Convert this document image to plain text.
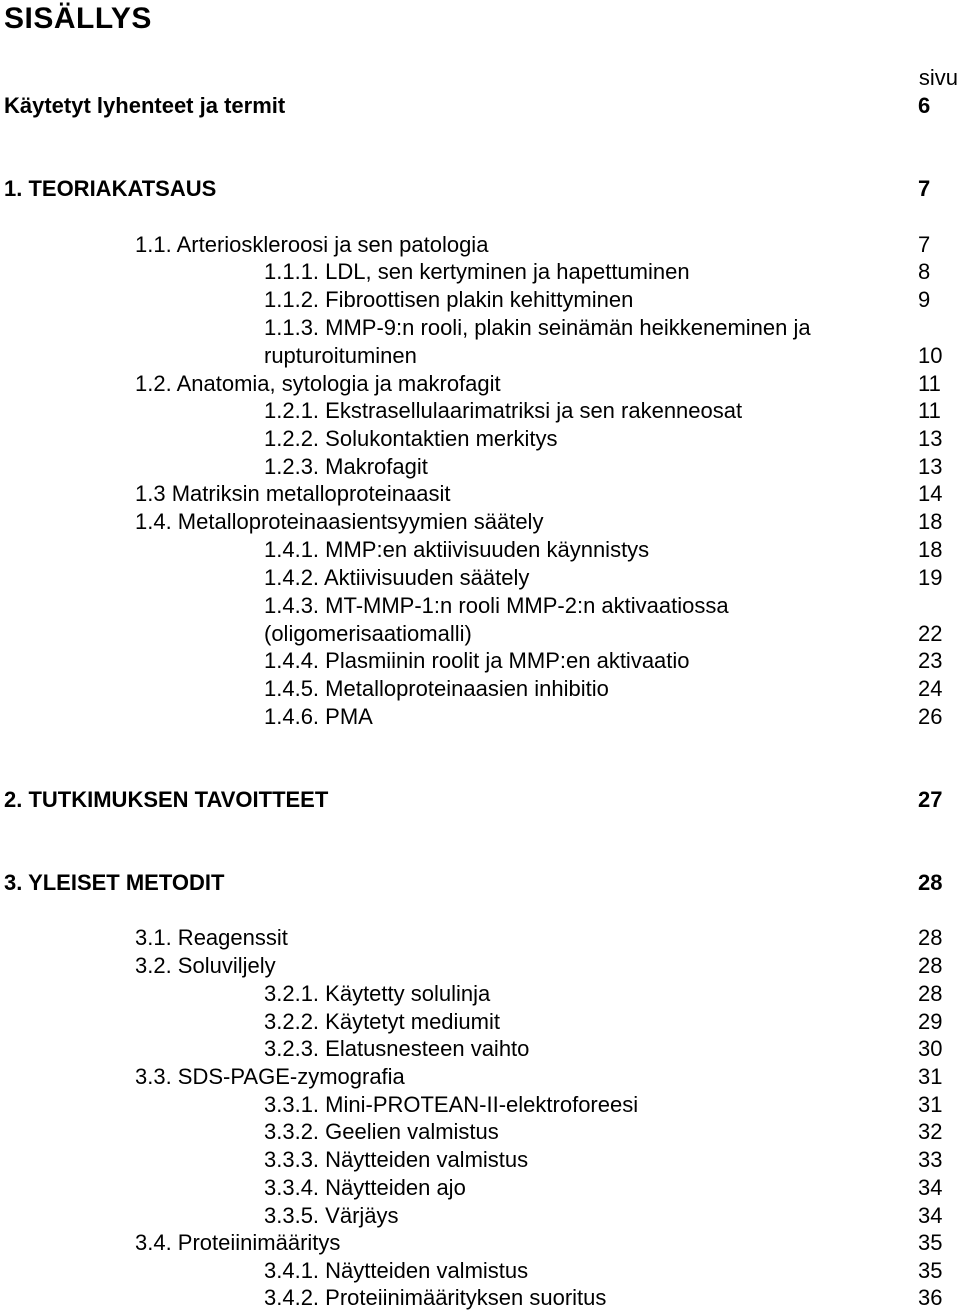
SISÄLLYS
sivu
Käytetyt lyhenteet ja termit	6
1. TEORIAKATSAUS	7
1.1. Arterioskleroosi ja sen patologia	7
1.1.1. LDL, sen kertyminen ja hapettuminen	8
1.1.2. Fibroottisen plakin kehittyminen	9
1.1.3. MMP-9:n rooli, plakin seinämän heikkeneminen ja
rupturoituminen	10
1.2. Anatomia, sytologia ja makrofagit	11
1.2.1. Ekstrasellulaarimatriksi ja sen rakenneosat	11
1.2.2. Solukontaktien merkitys	13
1.2.3. Makrofagit	13
1.3 Matriksin metalloproteinaasit	14
1.4. Metalloproteinaasientsyymien säätely	18
1.4.1. MMP:en aktiivisuuden käynnistys	18
1.4.2. Aktiivisuuden säätely	19
1.4.3. MT-MMP-1:n rooli MMP-2:n aktivaatiossa
(oligomerisaatiomalli)	22
1.4.4. Plasmiinin roolit ja MMP:en aktivaatio	23
1.4.5. Metalloproteinaasien inhibitio	24
1.4.6. PMA	26
2. TUTKIMUKSEN TAVOITTEET	27
3. YLEISET METODIT	28
3.1. Reagenssit	28
3.2. Soluviljely	28
3.2.1. Käytetty solulinja	28
3.2.2. Käytetyt mediumit	29
3.2.3. Elatusnesteen vaihto	30
3.3. SDS-PAGE-zymografia	31
3.3.1. Mini-PROTEAN-II-elektroforeesi	31
3.3.2. Geelien valmistus	32
3.3.3. Näytteiden valmistus	33
3.3.4. Näytteiden ajo	34
3.3.5. Värjäys	34
3.4. Proteiinimääritys	35
3.4.1. Näytteiden valmistus	35
3.4.2. Proteiinimäärityksen suoritus	36
